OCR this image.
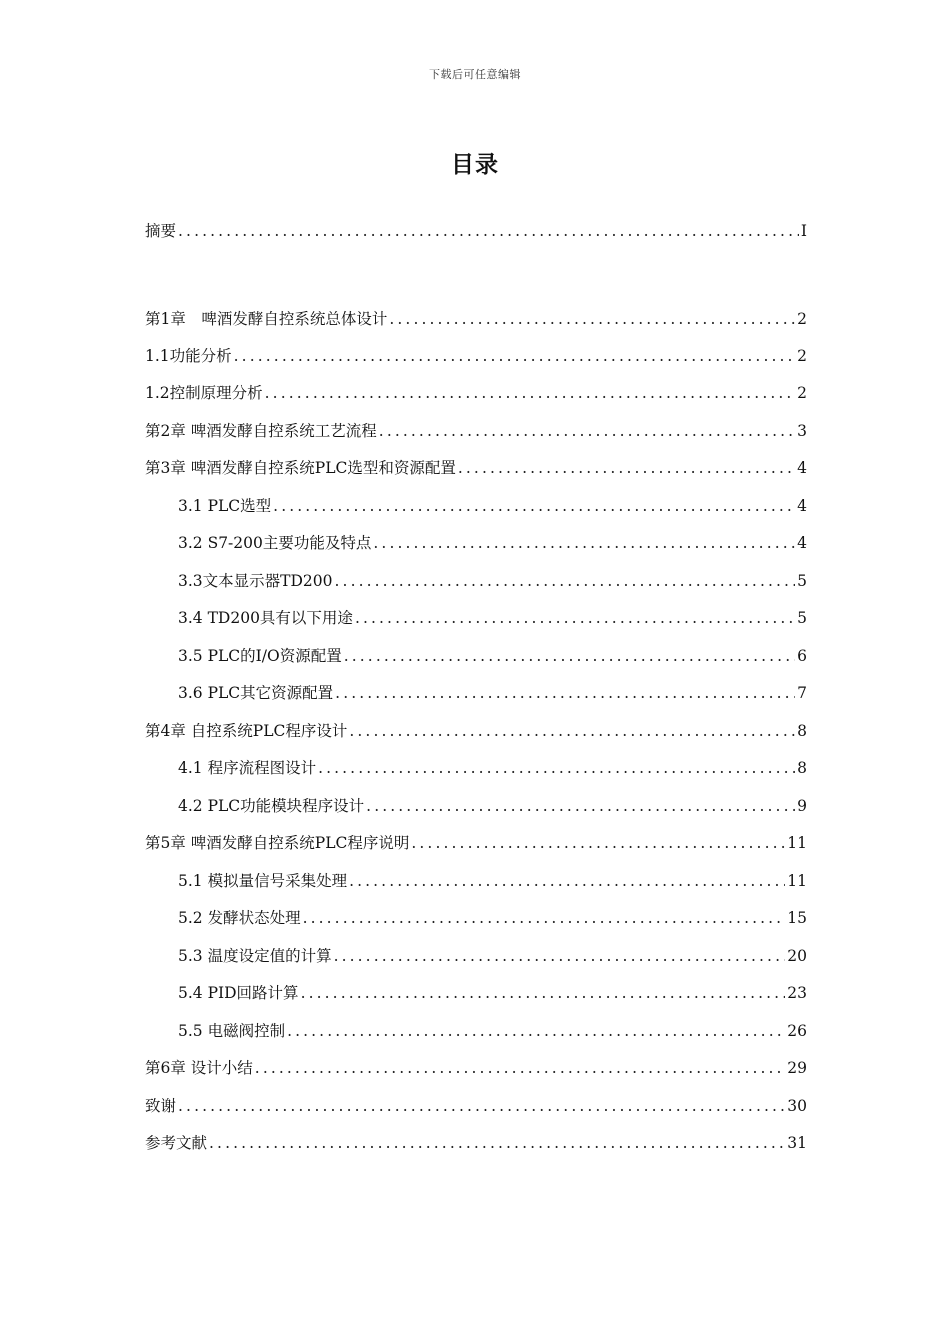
下载后可任意编辑
目录
摘要 .....	I
第1章　啤酒发酵自控系统总体设计 .....	2
1.1功能分析 .....	2
1.2控制原理分析 .....	2
第2章 啤酒发酵自控系统工艺流程 .....	3
第3章 啤酒发酵自控系统PLC选型和资源配置 .....	4
3.1 PLC选型 .....	4
3.2 S7-200主要功能及特点 .....	4
3.3文本显示器TD200 .....	5
3.4 TD200具有以下用途 .....	5
3.5 PLC的I/O资源配置 .....	6
3.6 PLC其它资源配置 .....	7
第4章 自控系统PLC程序设计 .....	8
4.1 程序流程图设计 .....	8
4.2 PLC功能模块程序设计 .....	9
第5章 啤酒发酵自控系统PLC程序说明 .....	11
5.1 模拟量信号采集处理 .....	11
5.2 发酵状态处理 .....	15
5.3 温度设定值的计算 .....	20
5.4 PID回路计算 .....	23
5.5 电磁阀控制 .....	26
第6章 设计小结 .....	29
致谢 .....	30
参考文献 .....	31
